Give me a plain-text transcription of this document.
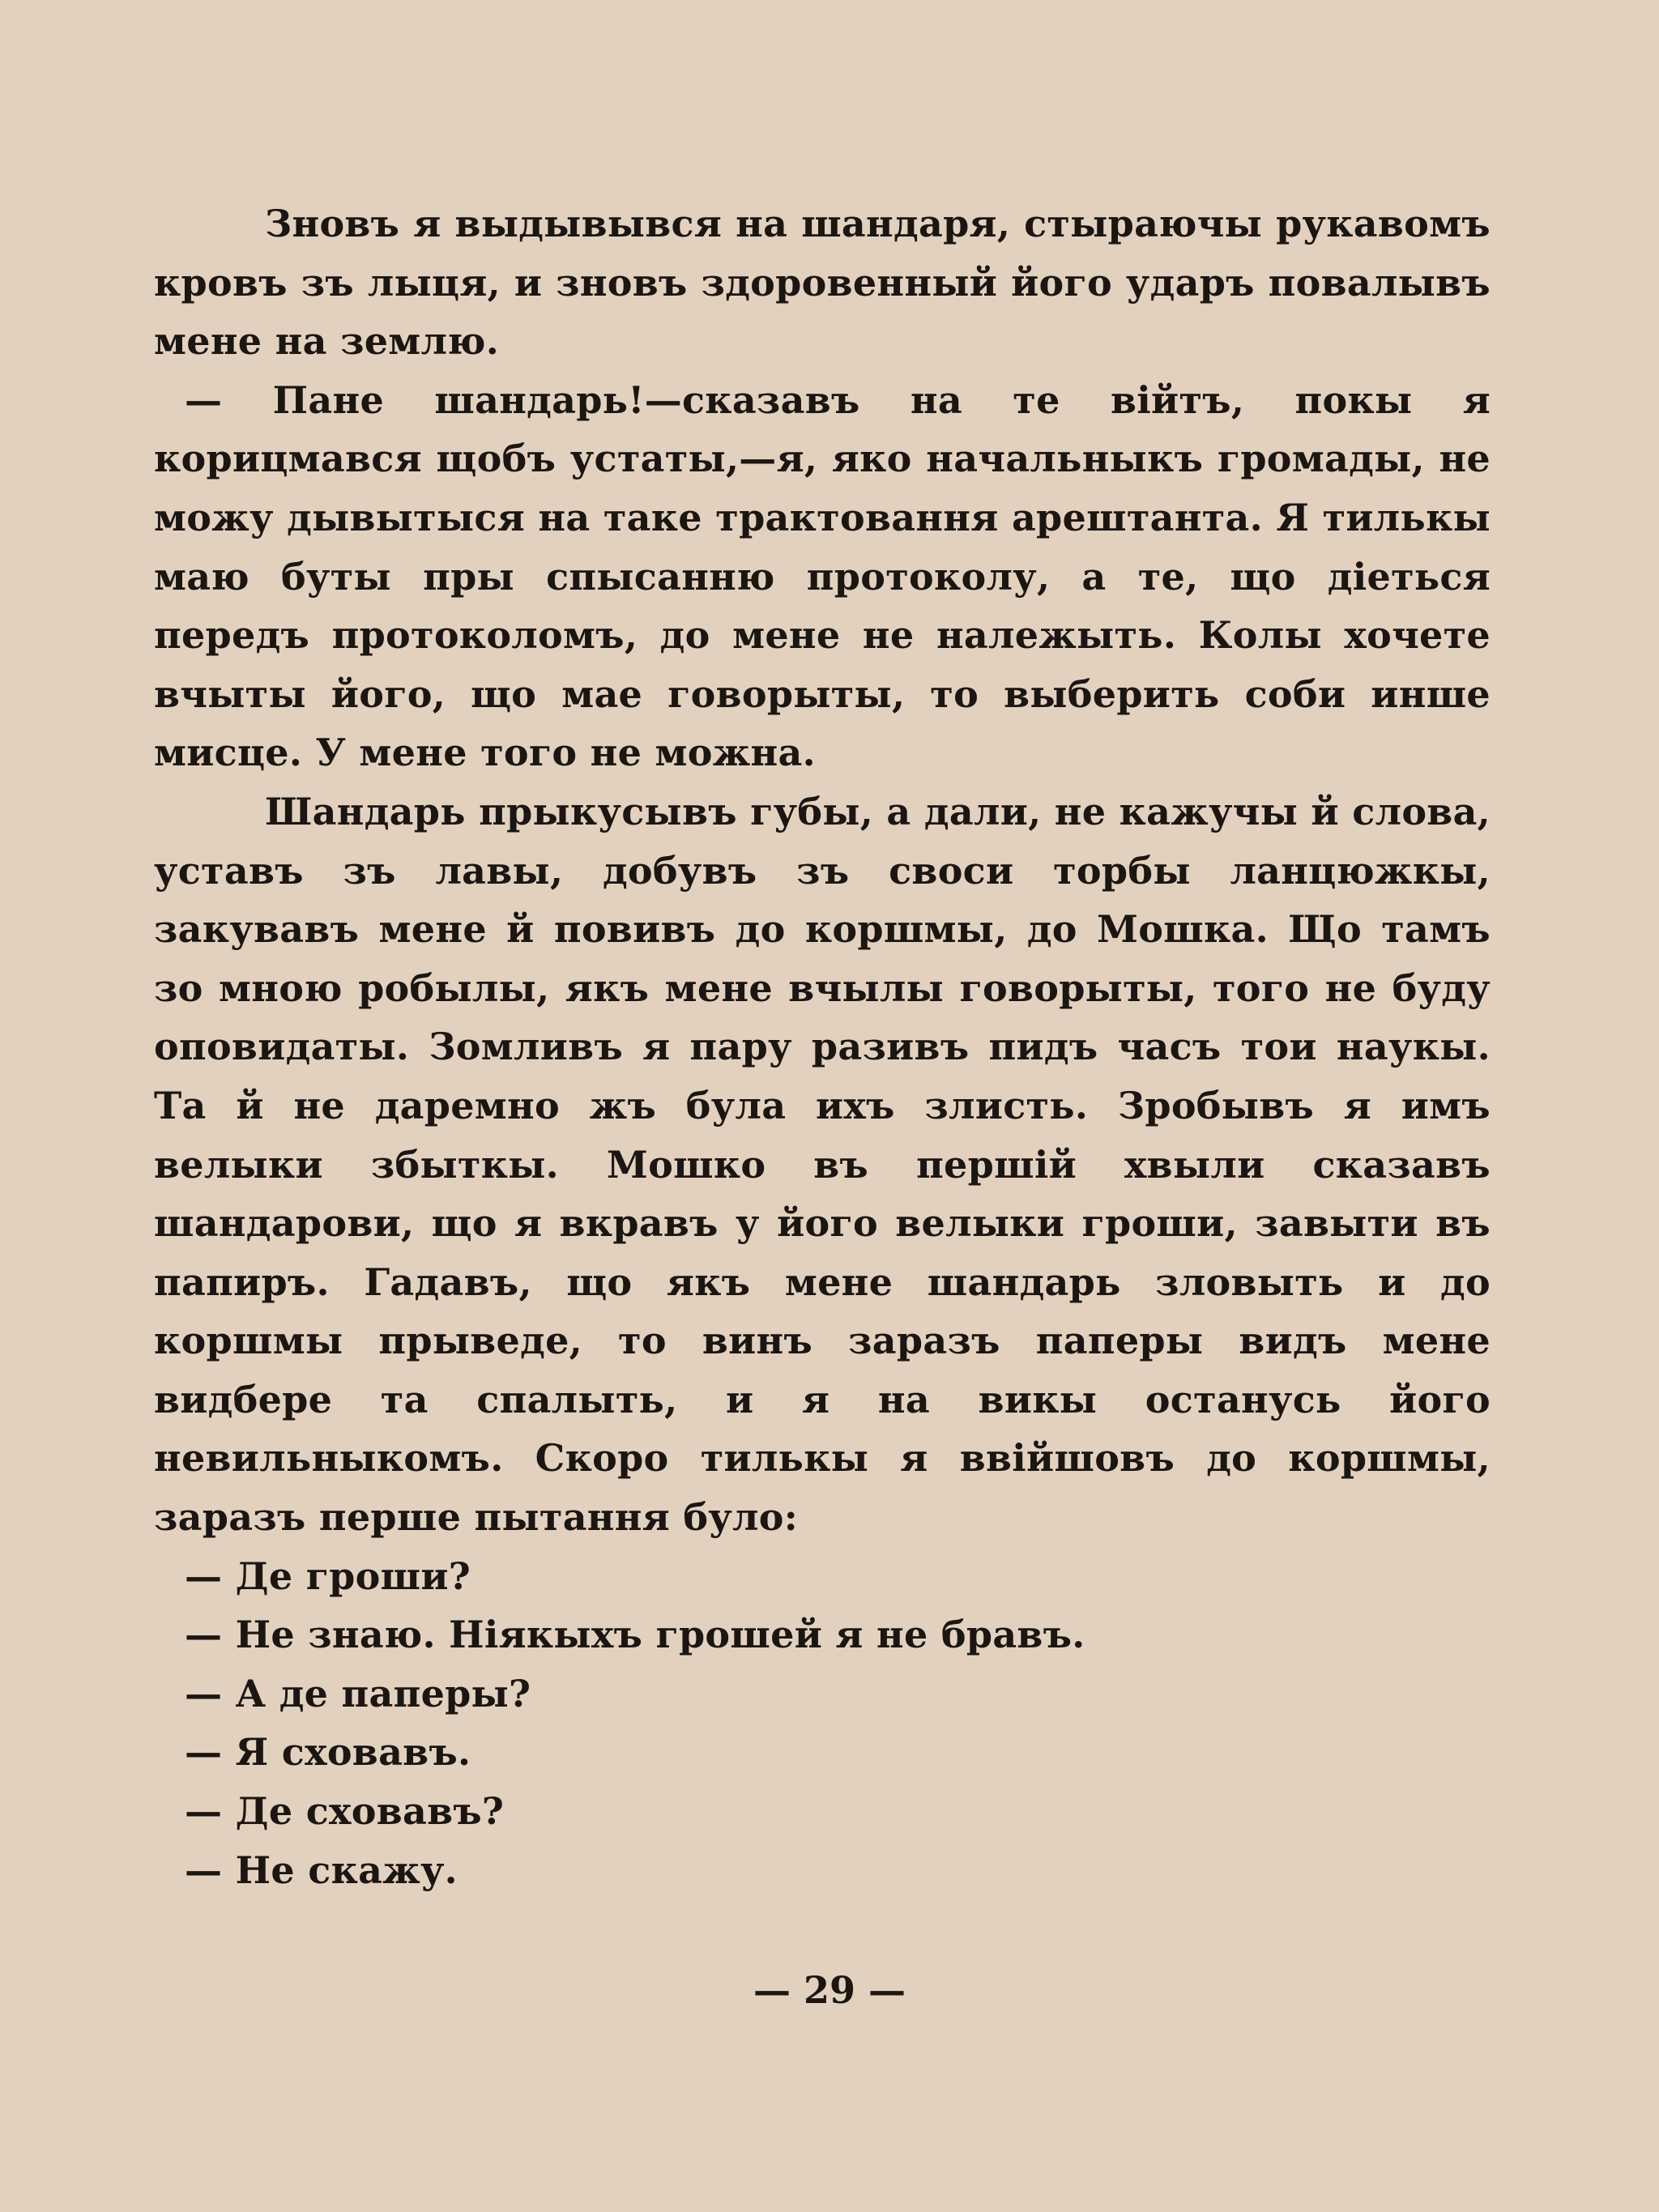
Зновъ я выдывывся на шандаря, стыраючы рукавомъ кровъ зъ лыця, и зновъ здоровенный його ударъ повалывъ мене на землю.

— Пане шандарь!—сказавъ на те війтъ, покы я корицмався щобъ устаты,—я, яко начальныкъ громады, не можу дывытыся на таке трактовання арештанта. Я тилькы маю буты пры спысанню протоколу, а те, що діеться передъ протоколомъ, до мене не належыть. Колы хочете вчыты його, що мае говорыты, то выберить соби инше мисце. У мене того не можна.

Шандарь прыкусывъ губы, а дали, не кажучы й слова, уставъ зъ лавы, добувъ зъ своси торбы ланцюжкы, закувавъ мене й повивъ до коршмы, до Мошка. Що тамъ зо мною робылы, якъ мене вчылы говорыты, того не буду оповидаты. Зомливъ я пару разивъ пидъ часъ тои наукы. Та й не даремно жъ була ихъ злисть. Зробывъ я имъ велыки збыткы. Мошко въ першій хвыли сказавъ шандарови, що я вкравъ у його велыки гроши, завыти въ папиръ. Гадавъ, що якъ мене шандарь зловыть и до коршмы прыведе, то винъ заразъ паперы видъ мене видбере та спалыть, и я на викы останусь його невильныкомъ. Скоро тилькы я ввійшовъ до коршмы, заразъ перше пытання було:

— Де гроши?

— Не знаю. Ніякыхъ грошей я не бравъ.

— А де паперы?

— Я сховавъ.

— Де сховавъ?

— Не скажу.

— 29 —
